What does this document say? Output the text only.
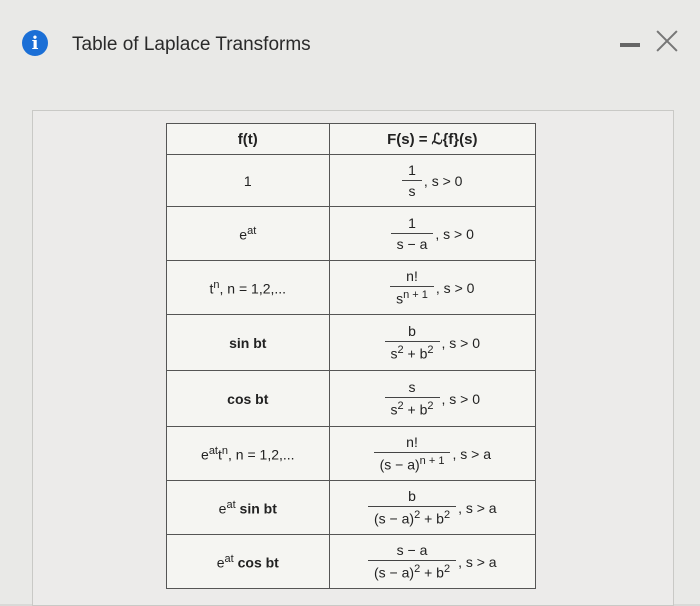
i	Table of Laplace Transforms
f(t)	F(s) = ℒ{f}(s)
1	$\frac{1}{s}$ , s > 0
$e^{at}$	$\frac{1}{s - a}$ , s > 0
$t^n$, n = 1,2,...	$\frac{n!}{s^{n + 1}}$ , s > 0
sin bt	$\frac{b}{s^2 + b^2}$ , s > 0
cos bt	$\frac{s}{s^2 + b^2}$ , s > 0
$e^{at}t^n$, n = 1,2,...	$\frac{n!}{(s - a)^{n + 1}}$ , s > a
$e^{at}$ sin bt	$\frac{b}{(s - a)^2 + b^2}$ , s > a
$e^{at}$ cos bt	$\frac{s - a}{(s - a)^2 + b^2}$ , s > a
